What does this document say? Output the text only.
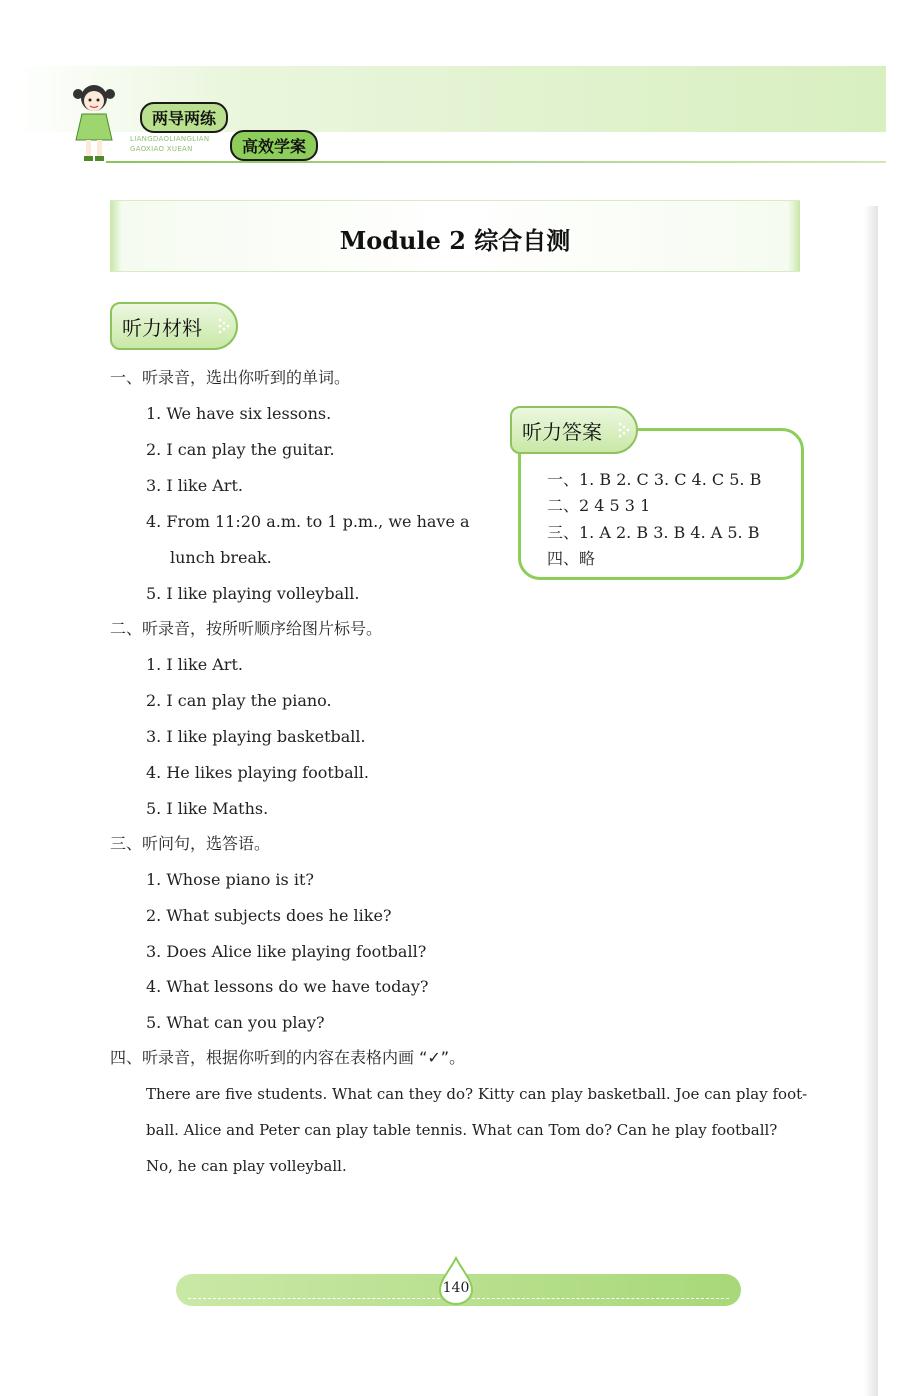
两导两练
LIANGDAOLIANGLIAN GAOXIAO XUEAN	高效学案
Module 2 综合自测
听力材料
一、听录音，选出你听到的单词。
1. We have six lessons.
2. I can play the guitar.
3. I like Art.
4. From 11:20 a.m. to 1 p.m., we have a
lunch break.
5. I like playing volleyball.
二、听录音，按所听顺序给图片标号。
1. I like Art.
2. I can play the piano.
3. I like playing basketball.
4. He likes playing football.
5. I like Maths.
三、听问句，选答语。
1. Whose piano is it?
2. What subjects does he like?
3. Does Alice like playing football?
4. What lessons do we have today?
5. What can you play?
四、听录音，根据你听到的内容在表格内画 “✓”。
There are five students. What can they do? Kitty can play basketball. Joe can play foot-
ball. Alice and Peter can play table tennis. What can Tom do? Can he play football?
No, he can play volleyball.
一、1. B 2. C 3. C 4. C 5. B
二、2 4 5 3 1
三、1. A 2. B 3. B 4. A 5. B
四、略
听力答案
140
